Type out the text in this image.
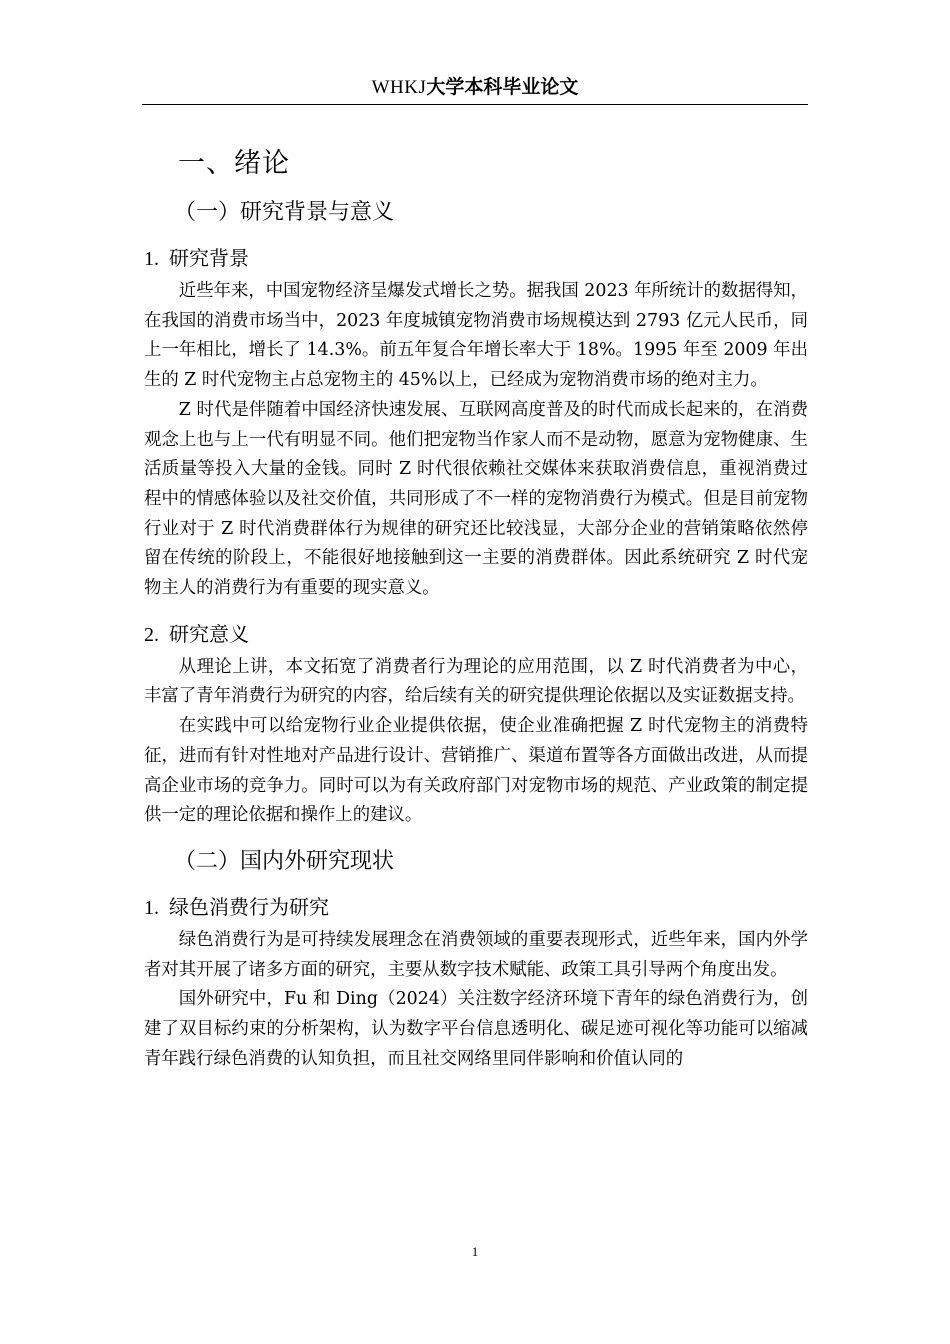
WHKJ大学本科毕业论文
一、绪论
（一）研究背景与意义
1. 研究背景

近些年来，中国宠物经济呈爆发式增长之势。据我国 2023 年所统计的数据得知，在我国的消费市场当中，2023 年度城镇宠物消费市场规模达到 2793 亿元人民币，同上一年相比，增长了 14.3%。前五年复合年增长率大于 18%。1995 年至 2009 年出生的 Z 时代宠物主占总宠物主的 45%以上，已经成为宠物消费市场的绝对主力。

Z 时代是伴随着中国经济快速发展、互联网高度普及的时代而成长起来的，在消费观念上也与上一代有明显不同。他们把宠物当作家人而不是动物，愿意为宠物健康、生活质量等投入大量的金钱。同时 Z 时代很依赖社交媒体来获取消费信息，重视消费过程中的情感体验以及社交价值，共同形成了不一样的宠物消费行为模式。但是目前宠物行业对于 Z 时代消费群体行为规律的研究还比较浅显，大部分企业的营销策略依然停留在传统的阶段上，不能很好地接触到这一主要的消费群体。因此系统研究 Z 时代宠物主人的消费行为有重要的现实意义。

2. 研究意义

从理论上讲，本文拓宽了消费者行为理论的应用范围，以 Z 时代消费者为中心，丰富了青年消费行为研究的内容，给后续有关的研究提供理论依据以及实证数据支持。

在实践中可以给宠物行业企业提供依据，使企业准确把握 Z 时代宠物主的消费特征，进而有针对性地对产品进行设计、营销推广、渠道布置等各方面做出改进，从而提高企业市场的竞争力。同时可以为有关政府部门对宠物市场的规范、产业政策的制定提供一定的理论依据和操作上的建议。

（二）国内外研究现状
1. 绿色消费行为研究

绿色消费行为是可持续发展理念在消费领域的重要表现形式，近些年来，国内外学者对其开展了诸多方面的研究，主要从数字技术赋能、政策工具引导两个角度出发。

国外研究中，Fu 和 Ding（2024）关注数字经济环境下青年的绿色消费行为，创建了双目标约束的分析架构，认为数字平台信息透明化、碳足迹可视化等功能可以缩减青年践行绿色消费的认知负担，而且社交网络里同伴影响和价值认同的

1
